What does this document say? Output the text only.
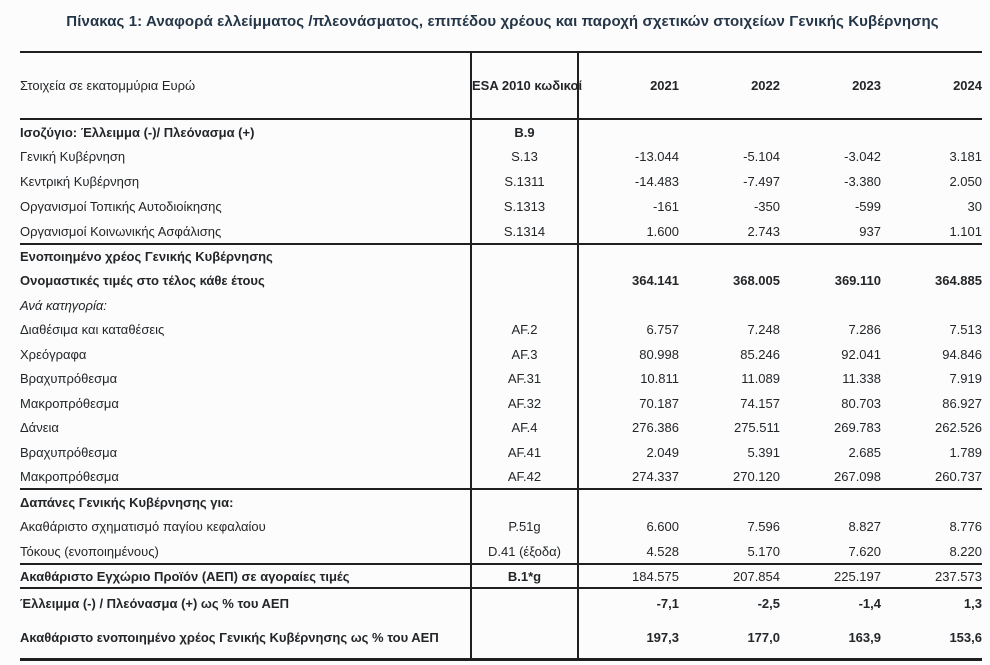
Πίνακας 1: Αναφορά ελλείμματος /πλεονάσματος, επιπέδου χρέους και παροχή σχετικών στοιχείων Γενικής Κυβέρνησης
Στοιχεία σε εκατομμύρια Ευρώ	ESA 2010 κωδικοί	2021	2022	2023	2024
Ισοζύγιο: Έλλειμμα (-)/ Πλεόνασμα (+)	B.9				
Γενική Κυβέρνηση	S.13	-13.044	-5.104	-3.042	3.181
Κεντρική Κυβέρνηση	S.1311	-14.483	-7.497	-3.380	2.050
Οργανισμοί Τοπικής Αυτοδιοίκησης	S.1313	-161	-350	-599	30
Οργανισμοί Κοινωνικής Ασφάλισης	S.1314	1.600	2.743	937	1.101
Ενοποιημένο χρέος Γενικής Κυβέρνησης					
Ονομαστικές τιμές στο τέλος κάθε έτους		364.141	368.005	369.110	364.885
Ανά κατηγορία:					
Διαθέσιμα και καταθέσεις	AF.2	6.757	7.248	7.286	7.513
Χρεόγραφα	AF.3	80.998	85.246	92.041	94.846
Βραχυπρόθεσμα	AF.31	10.811	11.089	11.338	7.919
Μακροπρόθεσμα	AF.32	70.187	74.157	80.703	86.927
Δάνεια	AF.4	276.386	275.511	269.783	262.526
Βραχυπρόθεσμα	AF.41	2.049	5.391	2.685	1.789
Μακροπρόθεσμα	AF.42	274.337	270.120	267.098	260.737
Δαπάνες Γενικής Κυβέρνησης για:					
Ακαθάριστο σχηματισμό παγίου κεφαλαίου	P.51g	6.600	7.596	8.827	8.776
Τόκους (ενοποιημένους)	D.41 (έξοδα)	4.528	5.170	7.620	8.220
Ακαθάριστο Εγχώριο Προϊόν (ΑΕΠ) σε αγοραίες τιμές	B.1*g	184.575	207.854	225.197	237.573
Έλλειμμα (-) / Πλεόνασμα (+) ως % του ΑΕΠ		-7,1	-2,5	-1,4	1,3
Ακαθάριστο ενοποιημένο χρέος Γενικής Κυβέρνησης ως % του ΑΕΠ		197,3	177,0	163,9	153,6
